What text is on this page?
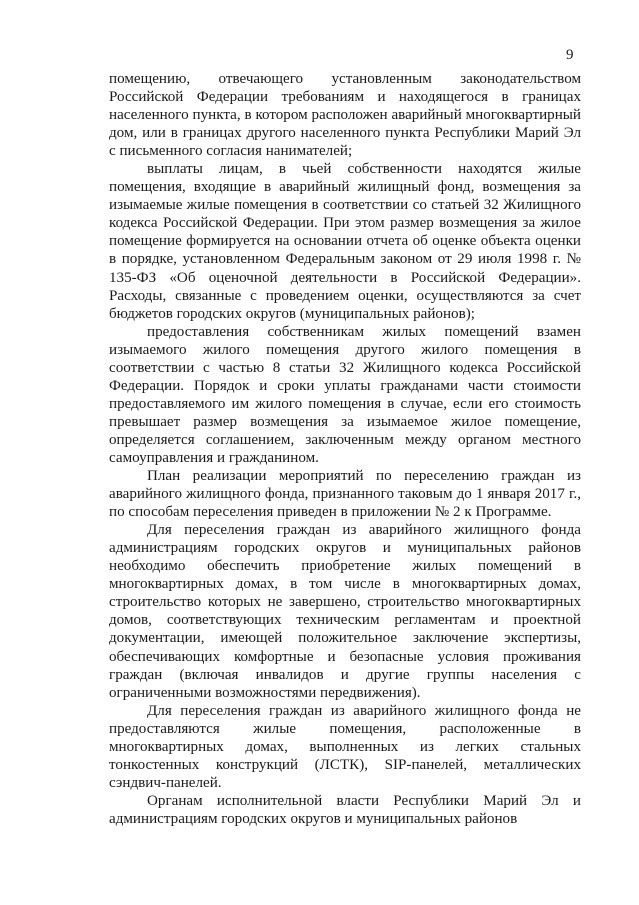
9

помещению, отвечающего установленным законодательством Российской Федерации требованиям и находящегося в границах населенного пункта, в котором расположен аварийный многоквартирный дом, или в границах другого населенного пункта Республики Марий Эл с письменного согласия нанимателей;

выплаты лицам, в чьей собственности находятся жилые помещения, входящие в аварийный жилищный фонд, возмещения за изымаемые жилые помещения в соответствии со статьей 32 Жилищного кодекса Российской Федерации. При этом размер возмещения за жилое помещение формируется на основании отчета об оценке объекта оценки в порядке, установленном Федеральным законом от 29 июля 1998 г. № 135-ФЗ «Об оценочной деятельности в Российской Федерации». Расходы, связанные с проведением оценки, осуществляются за счет бюджетов городских округов (муниципальных районов);

предоставления собственникам жилых помещений взамен изымаемого жилого помещения другого жилого помещения в соответствии с частью 8 статьи 32 Жилищного кодекса Российской Федерации. Порядок и сроки уплаты гражданами части стоимости предоставляемого им жилого помещения в случае, если его стоимость превышает размер возмещения за изымаемое жилое помещение, определяется соглашением, заключенным между органом местного самоуправления и гражданином.

План реализации мероприятий по переселению граждан из аварийного жилищного фонда, признанного таковым до 1 января 2017 г., по способам переселения приведен в приложении № 2 к Программе.

Для переселения граждан из аварийного жилищного фонда администрациям городских округов и муниципальных районов необходимо обеспечить приобретение жилых помещений в многоквартирных домах, в том числе в многоквартирных домах, строительство которых не завершено, строительство многоквартирных домов, соответствующих техническим регламентам и проектной документации, имеющей положительное заключение экспертизы, обеспечивающих комфортные и безопасные условия проживания граждан (включая инвалидов и другие группы населения с ограниченными возможностями передвижения).

Для переселения граждан из аварийного жилищного фонда не предоставляются жилые помещения, расположенные в многоквартирных домах, выполненных из легких стальных тонкостенных конструкций (ЛСТК), SIP-панелей, металлических сэндвич-панелей.

Органам исполнительной власти Республики Марий Эл и администрациям городских округов и муниципальных районов
